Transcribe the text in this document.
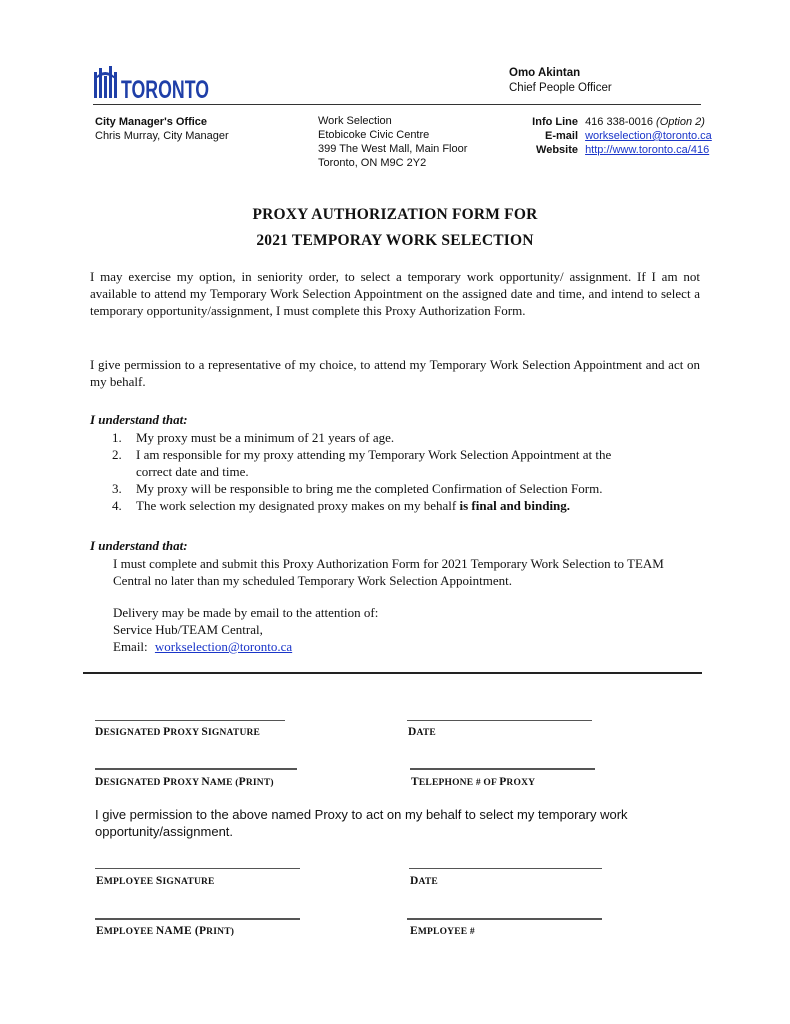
TORONTO
Omo Akintan
Chief People Officer
City Manager's Office
Chris Murray, City Manager
Work Selection
Etobicoke Civic Centre
399 The West Mall, Main Floor
Toronto, ON M9C 2Y2
Info Line 416 338-0016 (Option 2)
E-mail workselection@toronto.ca
Website http://www.toronto.ca/416
PROXY AUTHORIZATION FORM FOR
2021 TEMPORAY WORK SELECTION
I may exercise my option, in seniority order, to select a temporary work opportunity/ assignment. If I am not available to attend my Temporary Work Selection Appointment on the assigned date and time, and intend to select a temporary opportunity/assignment, I must complete this Proxy Authorization Form.
I give permission to a representative of my choice, to attend my Temporary Work Selection Appointment and act on my behalf.
I understand that:
1. My proxy must be a minimum of 21 years of age.
2. I am responsible for my proxy attending my Temporary Work Selection Appointment at the correct date and time.
3. My proxy will be responsible to bring me the completed Confirmation of Selection Form.
4. The work selection my designated proxy makes on my behalf is final and binding.
I understand that:
I must complete and submit this Proxy Authorization Form for 2021 Temporary Work Selection to TEAM Central no later than my scheduled Temporary Work Selection Appointment.
Delivery may be made by email to the attention of:
Service Hub/TEAM Central,
Email: workselection@toronto.ca
DESIGNATED PROXY SIGNATURE	DATE
DESIGNATED PROXY NAME (PRINT)	TELEPHONE # OF PROXY
I give permission to the above named Proxy to act on my behalf to select my temporary work opportunity/assignment.
EMPLOYEE SIGNATURE	DATE
EMPLOYEE NAME (PRINT)	EMPLOYEE #
